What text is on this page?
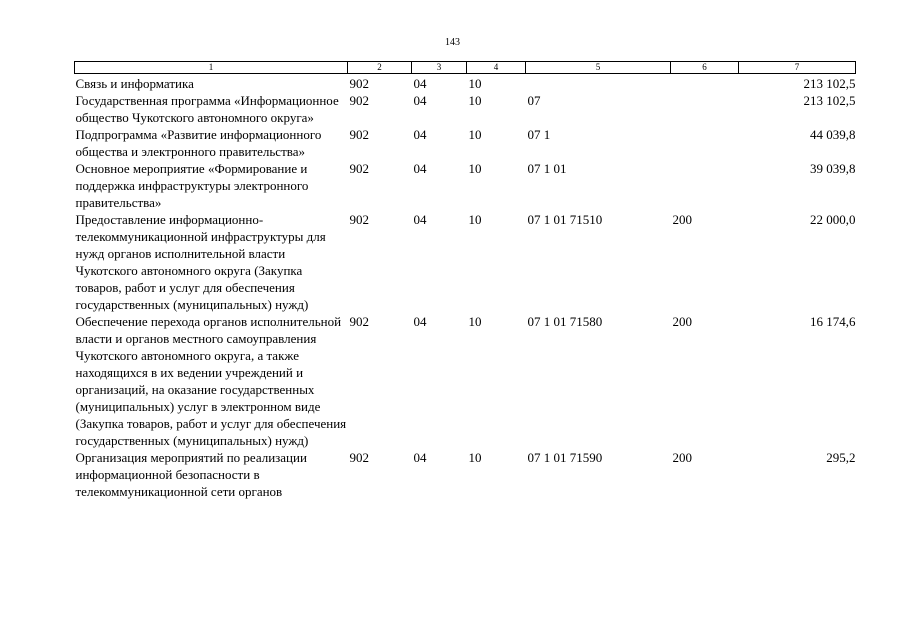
143
1	2	3	4	5	6	7
Связь и информатика	902	04	10			213 102,5
Государственная программа «Информационное общество Чукотского автономного округа»	902	04	10	07		213 102,5
Подпрограмма «Развитие информационного общества и электронного правительства»	902	04	10	07 1		44 039,8
Основное мероприятие «Формирование и поддержка инфраструктуры электронного правительства»	902	04	10	07 1 01		39 039,8
Предоставление информационно-телекоммуникационной инфраструктуры для нужд органов исполнительной власти Чукотского автономного округа (Закупка товаров, работ и услуг для обеспечения государственных (муниципальных) нужд)	902	04	10	07 1 01 71510	200	22 000,0
Обеспечение перехода органов исполнительной власти и органов местного самоуправления Чукотского автономного округа, а также находящихся в их ведении учреждений и организаций, на оказание государственных (муниципальных) услуг в электронном виде (Закупка товаров, работ и услуг для обеспечения государственных (муниципальных) нужд)	902	04	10	07 1 01 71580	200	16 174,6
Организация мероприятий по реализации информационной безопасности в телекоммуникационной сети органов	902	04	10	07 1 01 71590	200	295,2
